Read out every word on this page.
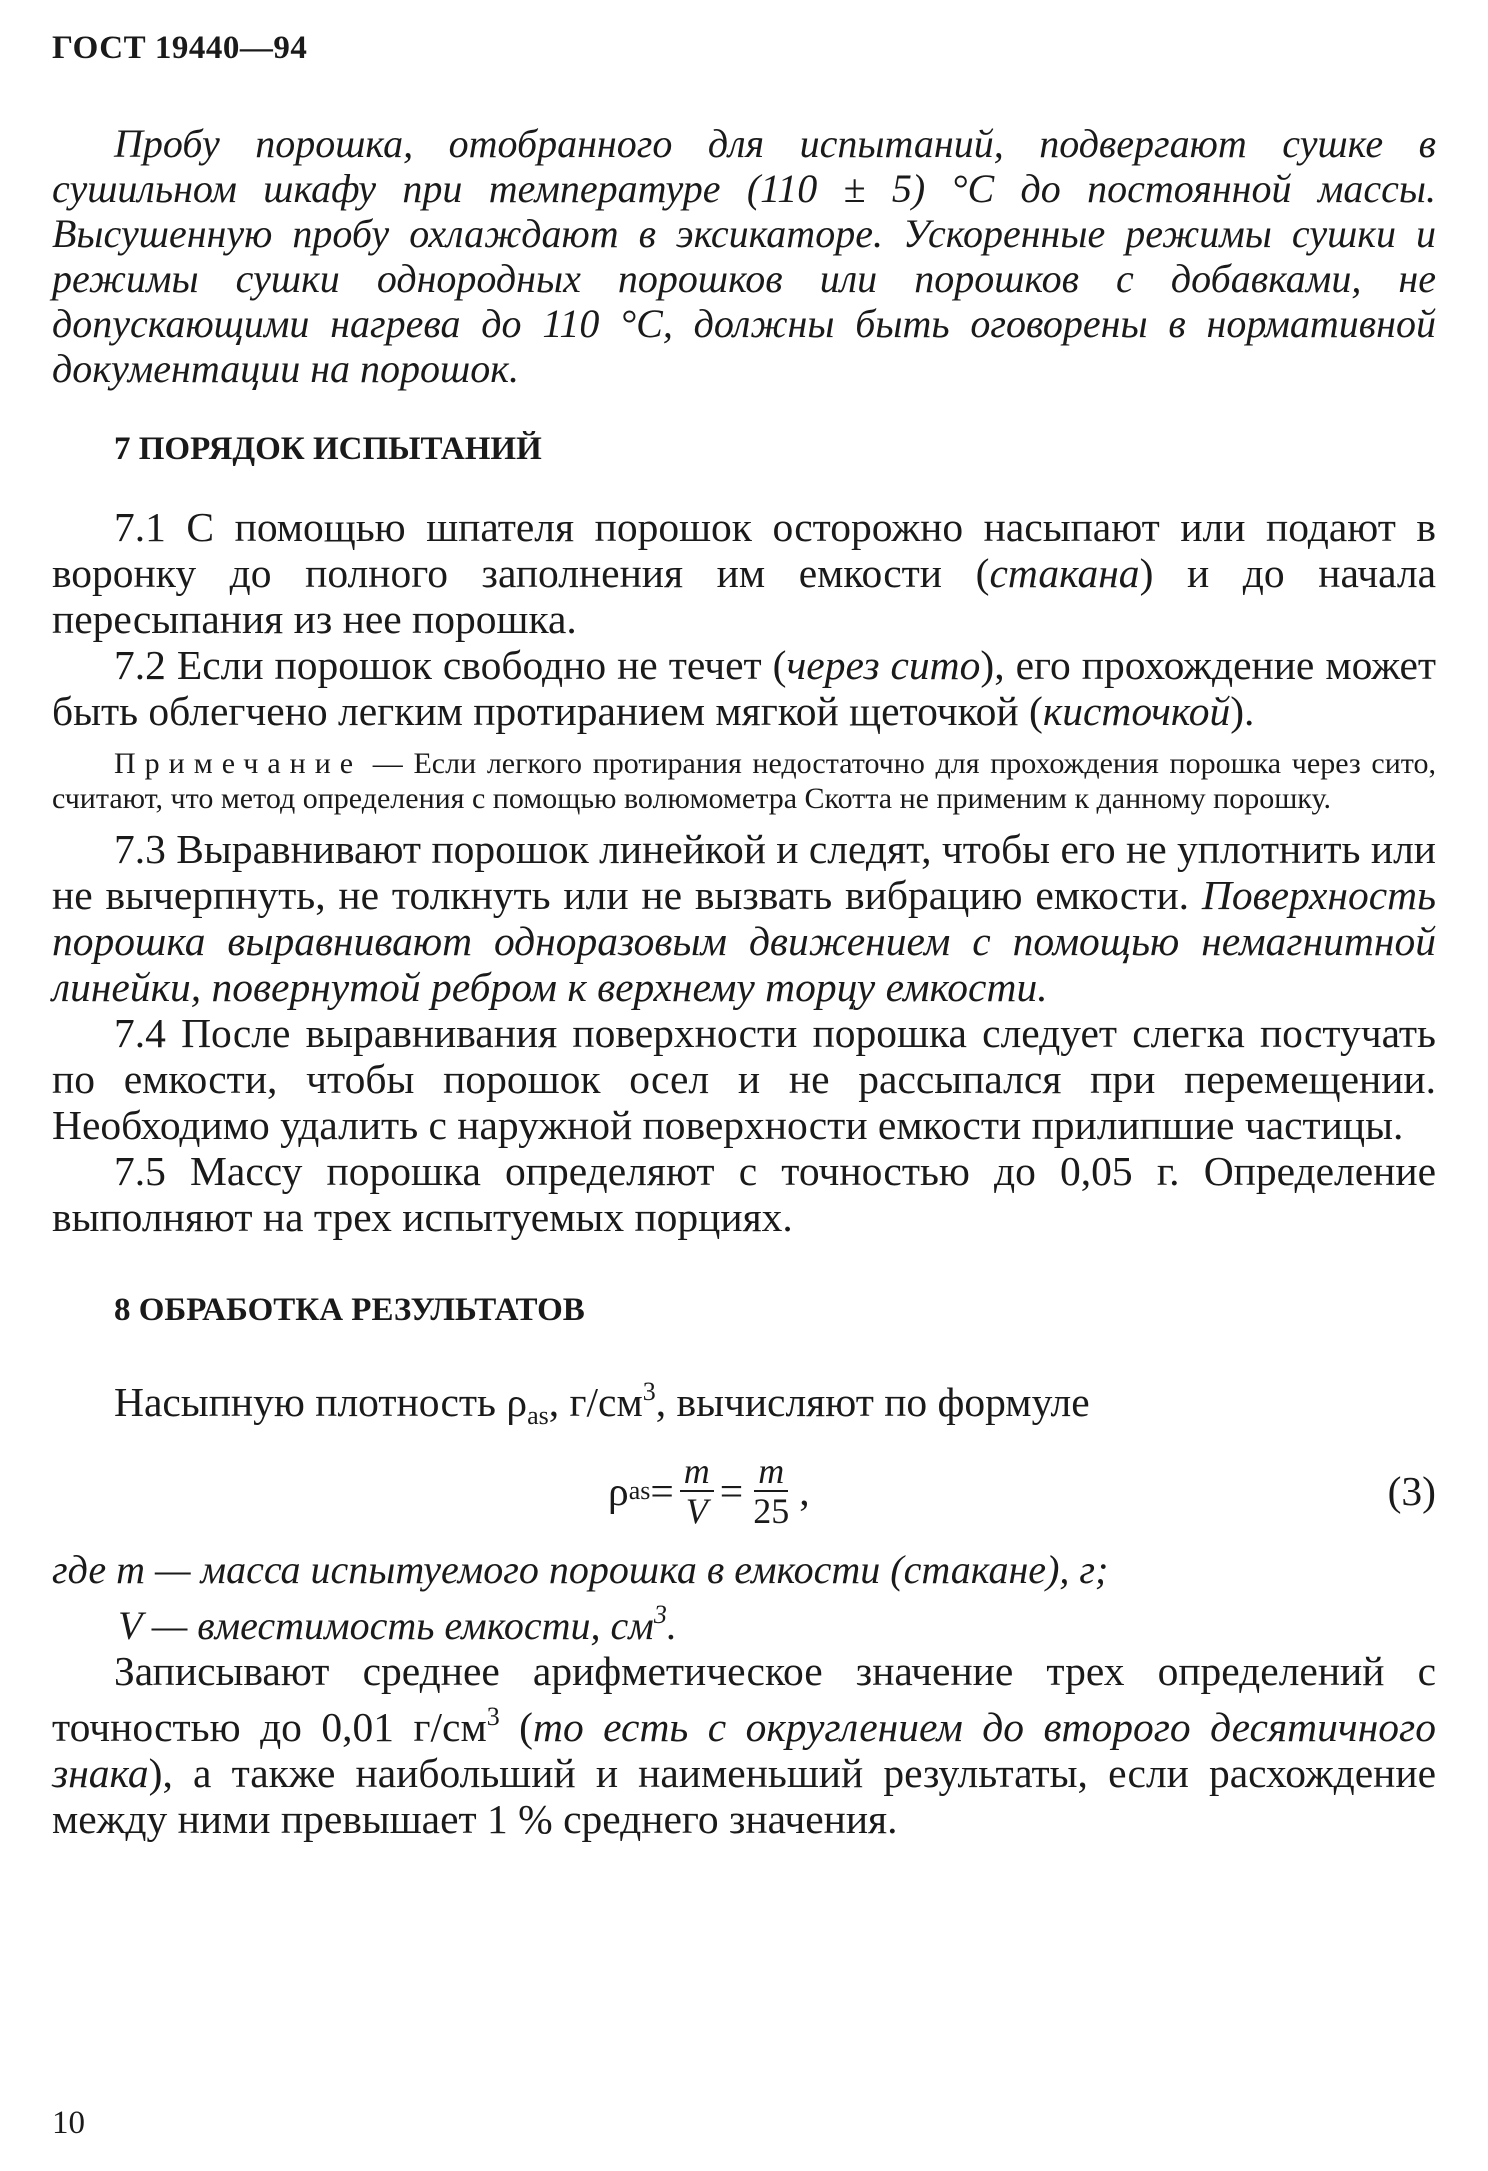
ГОСТ 19440—94

Пробу порошка, отобранного для испытаний, подвергают сушке в сушильном шкафу при температуре (110 ± 5) °С до постоянной массы. Высушенную пробу охлаждают в эксикаторе. Ускоренные режимы сушки и режимы сушки однородных порошков или порошков с добавками, не допускающими нагрева до 110 °С, должны быть оговорены в нормативной документации на порошок.

7 ПОРЯДОК ИСПЫТАНИЙ

7.1 С помощью шпателя порошок осторожно насыпают или подают в воронку до полного заполнения им емкости (стакана) и до начала пересыпания из нее порошка.

7.2 Если порошок свободно не течет (через сито), его прохождение может быть облегчено легким протиранием мягкой щеточкой (кисточкой).

Примечание — Если легкого протирания недостаточно для прохождения порошка через сито, считают, что метод определения с помощью волюмометра Скотта не применим к данному порошку.

7.3 Выравнивают порошок линейкой и следят, чтобы его не уплотнить или не вычерпнуть, не толкнуть или не вызвать вибрацию емкости. Поверхность порошка выравнивают одноразовым движением с помощью немагнитной линейки, повернутой ребром к верхнему торцу емкости.

7.4 После выравнивания поверхности порошка следует слегка постучать по емкости, чтобы порошок осел и не рассыпался при перемещении. Необходимо удалить с наружной поверхности емкости прилипшие частицы.

7.5 Массу порошка определяют с точностью до 0,05 г. Определение выполняют на трех испытуемых порциях.

8 ОБРАБОТКА РЕЗУЛЬТАТОВ

Насыпную плотность $\rho_{as}$, $г/см^3$, вычисляют по формуле

ρ as = $\frac{m}{V} = \frac{m}{25}$ ,	(3)

где m — масса испытуемого порошка в емкости (стакане), г;

V — вместимость емкости, $см^3$.

Записывают среднее арифметическое значение трех определений с точностью до 0,01 $г/см^3$ (то есть с округлением до второго десятичного знака), а также наибольший и наименьший результаты, если расхождение между ними превышает 1 % среднего значения.

10
